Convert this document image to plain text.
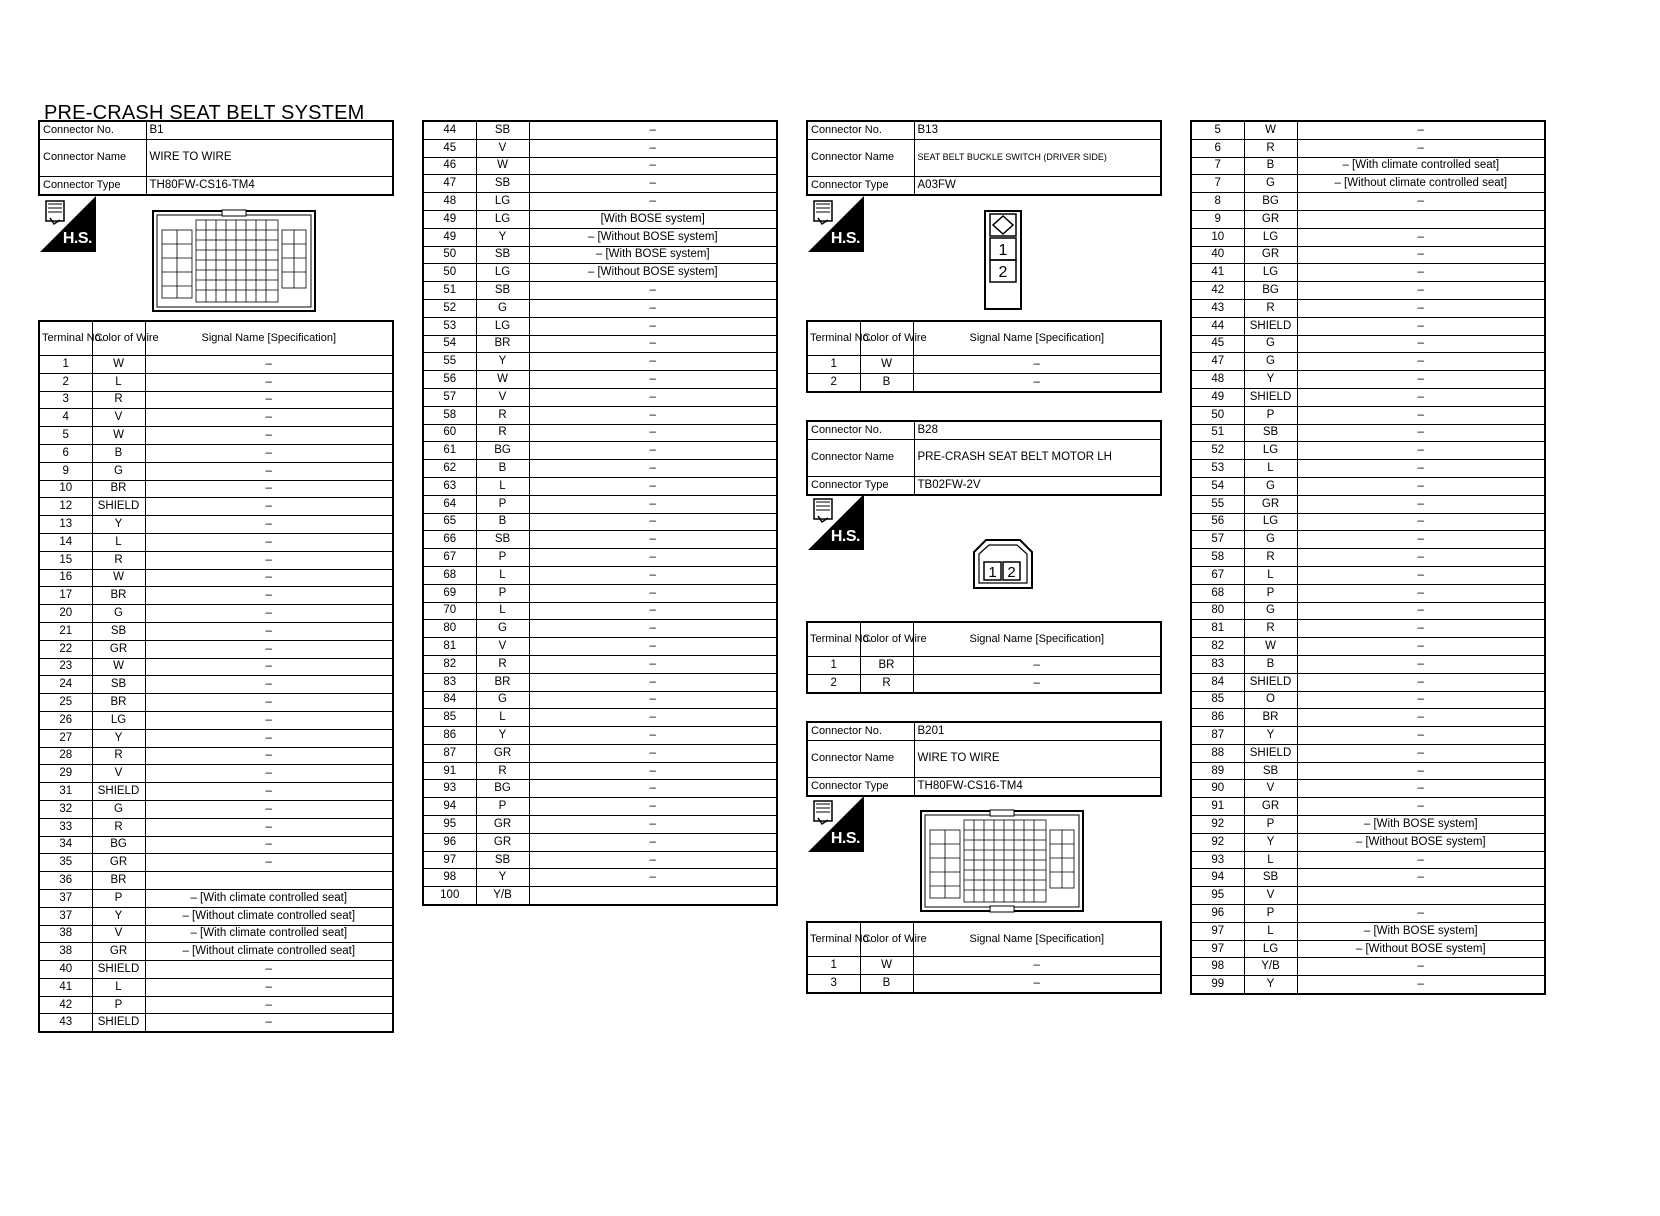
PRE-CRASH SEAT BELT SYSTEM
Connector No.	B1
Connector Name	WIRE TO WIRE
Connector Type	TH80FW-CS16-TM4
H.S.
Terminal No.	Color of Wire	Signal Name [Specification]
1	W	–
2	L	–
3	R	–
4	V	–
5	W	–
6	B	–
9	G	–
10	BR	–
12	SHIELD	–
13	Y	–
14	L	–
15	R	–
16	W	–
17	BR	–
20	G	–
21	SB	–
22	GR	–
23	W	–
24	SB	–
25	BR	–
26	LG	–
27	Y	–
28	R	–
29	V	–
31	SHIELD	–
32	G	–
33	R	–
34	BG	–
35	GR	–
36	BR	
37	P	– [With climate controlled seat]
37	Y	– [Without climate controlled seat]
38	V	– [With climate controlled seat]
38	GR	– [Without climate controlled seat]
40	SHIELD	–
41	L	–
42	P	–
43	SHIELD	–
44	SB	–
45	V	–
46	W	–
47	SB	–
48	LG	–
49	LG	[With BOSE system]
49	Y	– [Without BOSE system]
50	SB	– [With BOSE system]
50	LG	– [Without BOSE system]
51	SB	–
52	G	–
53	LG	–
54	BR	–
55	Y	–
56	W	–
57	V	–
58	R	–
60	R	–
61	BG	–
62	B	–
63	L	–
64	P	–
65	B	–
66	SB	–
67	P	–
68	L	–
69	P	–
70	L	–
80	G	–
81	V	–
82	R	–
83	BR	–
84	G	–
85	L	–
86	Y	–
87	GR	–
91	R	–
93	BG	–
94	P	–
95	GR	–
96	GR	–
97	SB	–
98	Y	–
100	Y/B	
Connector No.	B13
Connector Name	SEAT BELT BUCKLE SWITCH (DRIVER SIDE)
Connector Type	A03FW
H.S.
1
2
Terminal No.	Color of Wire	Signal Name [Specification]
1	W	–
2	B	–
Connector No.	B28
Connector Name	PRE-CRASH SEAT BELT MOTOR LH
Connector Type	TB02FW-2V
H.S.
1 2
Terminal No.	Color of Wire	Signal Name [Specification]
1	BR	–
2	R	–
Connector No.	B201
Connector Name	WIRE TO WIRE
Connector Type	TH80FW-CS16-TM4
H.S.
Terminal No.	Color of Wire	Signal Name [Specification]
1	W	–
3	B	–
5	W	–
6	R	–
7	B	– [With climate controlled seat]
7	G	– [Without climate controlled seat]
8	BG	–
9	GR	
10	LG	–
40	GR	–
41	LG	–
42	BG	–
43	R	–
44	SHIELD	–
45	G	–
47	G	–
48	Y	–
49	SHIELD	–
50	P	–
51	SB	–
52	LG	–
53	L	–
54	G	–
55	GR	–
56	LG	–
57	G	–
58	R	–
67	L	–
68	P	–
80	G	–
81	R	–
82	W	–
83	B	–
84	SHIELD	–
85	O	–
86	BR	–
87	Y	–
88	SHIELD	–
89	SB	–
90	V	–
91	GR	–
92	P	– [With BOSE system]
92	Y	– [Without BOSE system]
93	L	–
94	SB	–
95	V	
96	P	–
97	L	– [With BOSE system]
97	LG	– [Without BOSE system]
98	Y/B	–
99	Y	–
